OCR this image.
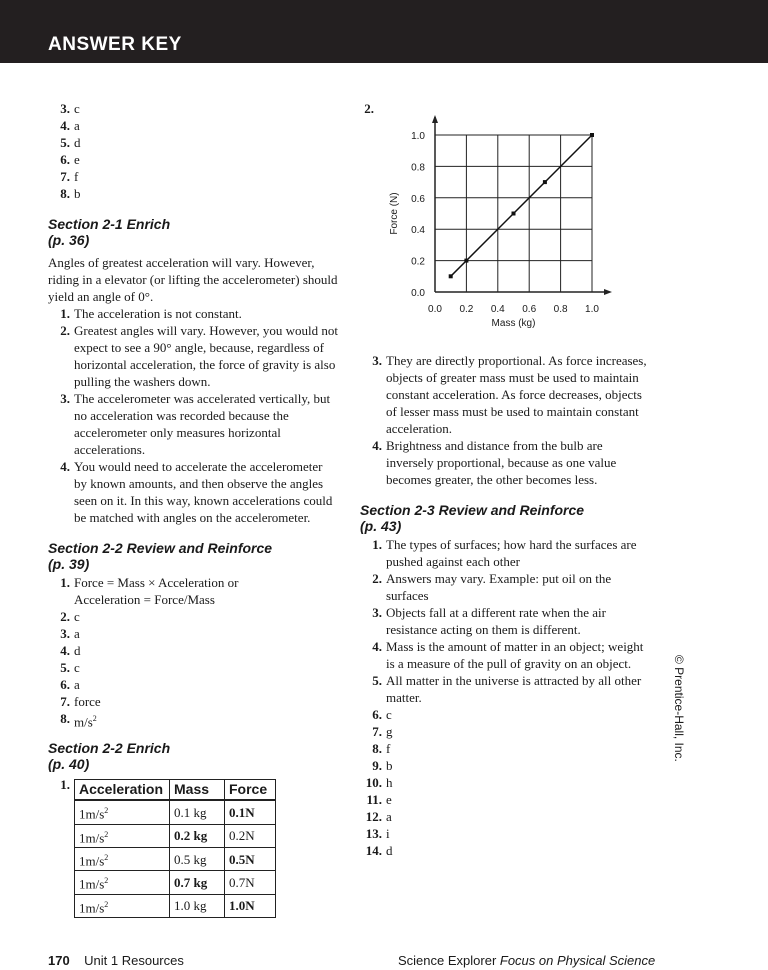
ANSWER KEY
3. c
4. a
5. d
6. e
7. f
8. b

Section 2-1 Enrich

(p. 36)

Angles of greatest acceleration will vary. However, riding in a elevator (or lifting the accelerometer) should yield an angle of 0°.

1. The acceleration is not constant.
2. Greatest angles will vary. However, you would not expect to see a 90° angle, because, regardless of horizontal acceleration, the force of gravity is also pulling the washers down.
3. The accelerometer was accelerated vertically, but no acceleration was recorded because the accelerometer only measures horizontal accelerations.
4. You would need to accelerate the accelerometer by known amounts, and then observe the angles seen on it. In this way, known accelerations could be matched with angles on the accelerometer.

Section 2-2 Review and Reinforce

(p. 39)

1. Force = Mass × Acceleration or
Acceleration = Force/Mass
2. c
3. a
4. d
5. c
6. a
7. force
8. $m/s^2$

Section 2-2 Enrich

(p. 40)

1. Acceleration	Mass	Force
$1m/s^2$	0.1 kg	0.1N
$1m/s^2$	0.2 kg	0.2N
$1m/s^2$	0.5 kg	0.5N
$1m/s^2$	0.7 kg	0.7N
$1m/s^2$	1.0 kg	1.0N
2.
0.0 0.2 0.4 0.6 0.8 1.0
0.0
0.2
0.4
0.6
0.8
1.0
Mass (kg)
Force (N)
3. They are directly proportional. As force increases, objects of greater mass must be used to maintain constant acceleration. As force decreases, objects of lesser mass must be used to maintain constant acceleration.
4. Brightness and distance from the bulb are inversely proportional, because as one value becomes greater, the other becomes less.

Section 2-3 Review and Reinforce

(p. 43)

1. The types of surfaces; how hard the surfaces are pushed against each other
2. Answers may vary. Example: put oil on the surfaces
3. Objects fall at a different rate when the air resistance acting on them is different.
4. Mass is the amount of matter in an object; weight is a measure of the pull of gravity on an object.
5. All matter in the universe is attracted by all other matter.
6. c
7. g
8. f
9. b
10. h
11. e
12. a
13. i
14. d
© Prentice-Hall, Inc.
170 Unit 1 Resources	Science Explorer Focus on Physical Science
